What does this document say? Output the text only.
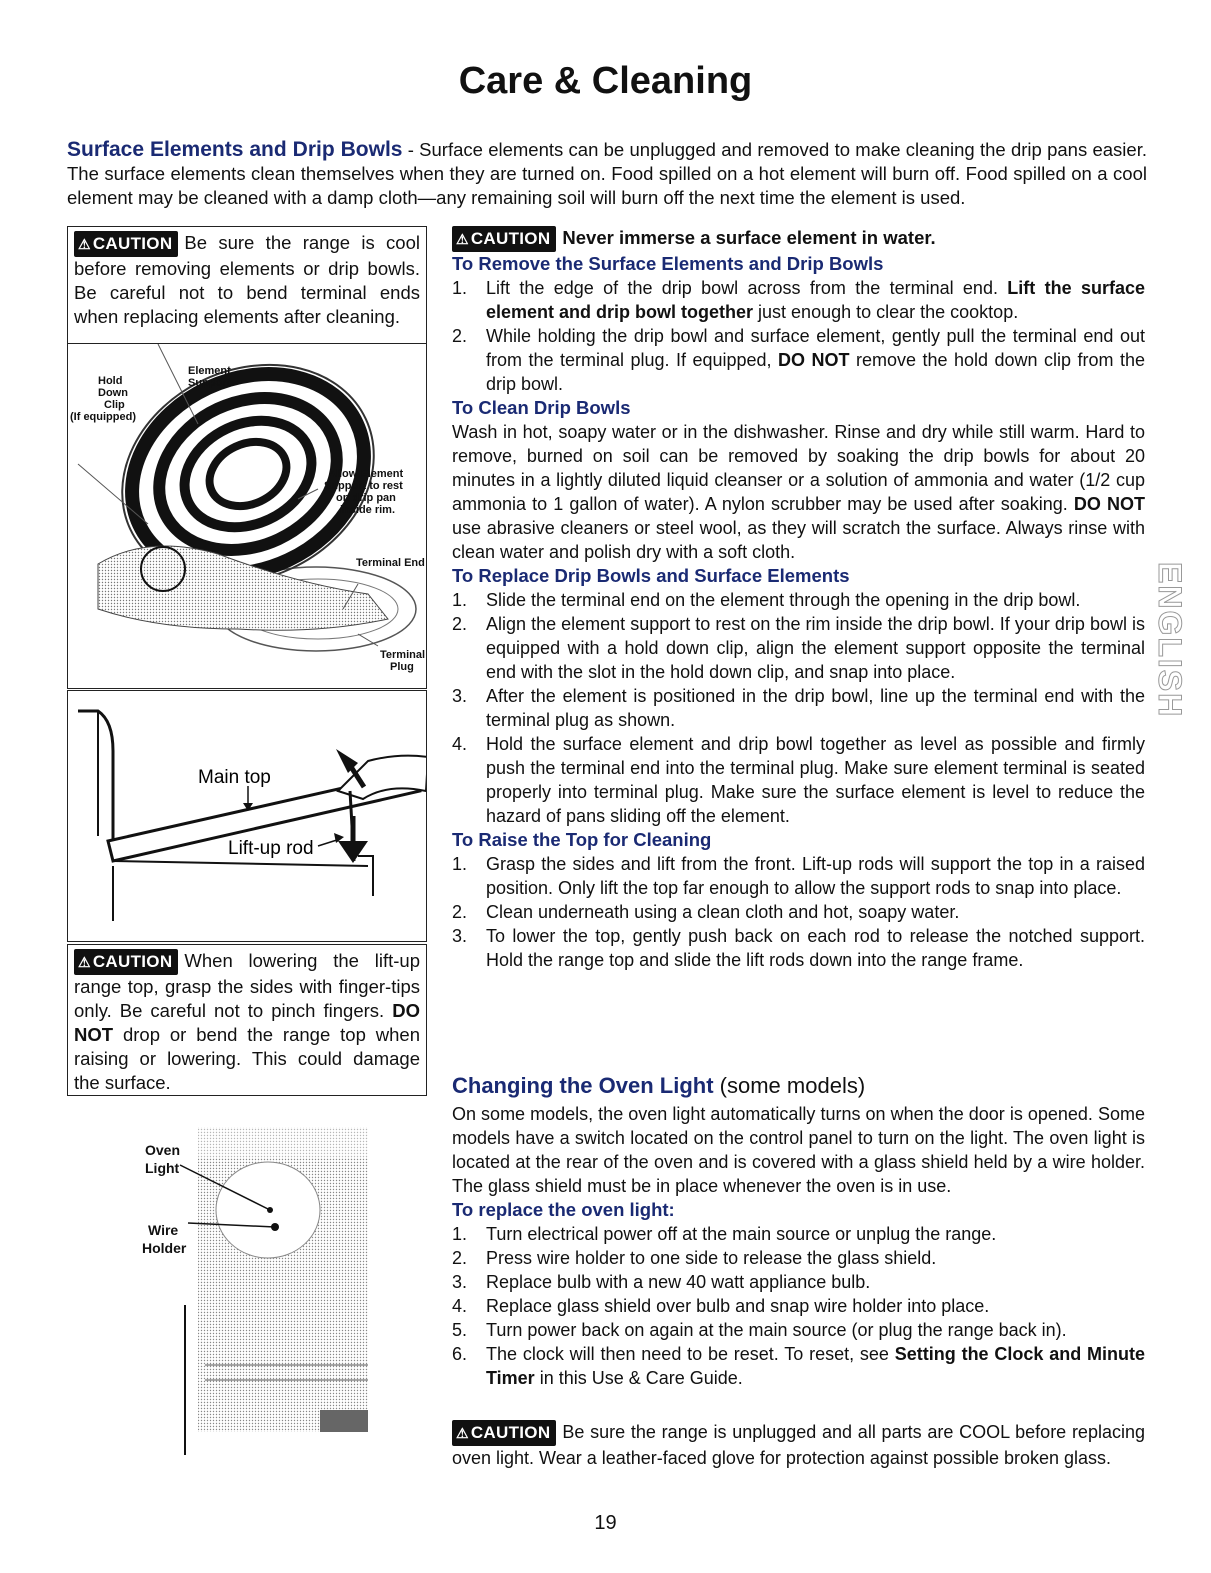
Care & Cleaning

Surface Elements and Drip Bowls - Surface elements can be unplugged and removed to make cleaning the drip pans easier. The surface elements clean themselves when they are turned on. Food spilled on a hot element will burn off. Food spilled on a cool element may be cleaned with a damp cloth—any remaining soil will burn off the next time the element is used.

⚠ CAUTION Be sure the range is cool before removing elements or drip bowls. Be careful not to bend terminal ends when replacing elements after cleaning.

Hold
Down
Clip
(If equipped)
Element
Support
Allow Element
Support to rest
on drip pan
inside rim.
Terminal End
Terminal
Plug
Main top
Lift-up rod

⚠ CAUTION When lowering the lift-up range top, grasp the sides with finger-tips only. Be careful not to pinch fingers. DO NOT drop or bend the range top when raising or lowering. This could damage the surface.

Oven
Light
Wire
Holder

⚠ CAUTION Never immerse a surface element in water.

To Remove the Surface Elements and Drip Bowls
1. Lift the edge of the drip bowl across from the terminal end. Lift the surface element and drip bowl together just enough to clear the cooktop.
2. While holding the drip bowl and surface element, gently pull the terminal end out from the terminal plug. If equipped, DO NOT remove the hold down clip from the drip bowl.
To Clean Drip Bowls

Wash in hot, soapy water or in the dishwasher. Rinse and dry while still warm. Hard to remove, burned on soil can be removed by soaking the drip bowls for about 20 minutes in a lightly diluted liquid cleanser or a solution of ammonia and water (1/2 cup ammonia to 1 gallon of water). A nylon scrubber may be used after soaking. DO NOT use abrasive cleaners or steel wool, as they will scratch the surface. Always rinse with clean water and polish dry with a soft cloth.

To Replace Drip Bowls and Surface Elements
1. Slide the terminal end on the element through the opening in the drip bowl.
2. Align the element support to rest on the rim inside the drip bowl. If your drip bowl is equipped with a hold down clip, align the element support opposite the terminal end with the slot in the hold down clip, and snap into place.
3. After the element is positioned in the drip bowl, line up the terminal end with the terminal plug as shown.
4. Hold the surface element and drip bowl together as level as possible and firmly push the terminal end into the terminal plug. Make sure element terminal is seated properly into terminal plug. Make sure the surface element is level to reduce the hazard of pans sliding off the element.
To Raise the Top for Cleaning
1. Grasp the sides and lift from the front. Lift-up rods will support the top in a raised position. Only lift the top far enough to allow the support rods to snap into place.
2. Clean underneath using a clean cloth and hot, soapy water.
3. To lower the top, gently push back on each rod to release the notched support. Hold the range top and slide the lift rods down into the range frame.

Changing the Oven Light (some models)

On some models, the oven light automatically turns on when the door is opened. Some models have a switch located on the control panel to turn on the light. The oven light is located at the rear of the oven and is covered with a glass shield held by a wire holder. The glass shield must be in place whenever the oven is in use.

To replace the oven light:
1. Turn electrical power off at the main source or unplug the range.
2. Press wire holder to one side to release the glass shield.
3. Replace bulb with a new 40 watt appliance bulb.
4. Replace glass shield over bulb and snap wire holder into place.
5. Turn power back on again at the main source (or plug the range back in).
6. The clock will then need to be reset. To reset, see Setting the Clock and Minute Timer in this Use & Care Guide.

⚠ CAUTION Be sure the range is unplugged and all parts are COOL before replacing oven light. Wear a leather-faced glove for protection against possible broken glass.

ENGLISH
19
